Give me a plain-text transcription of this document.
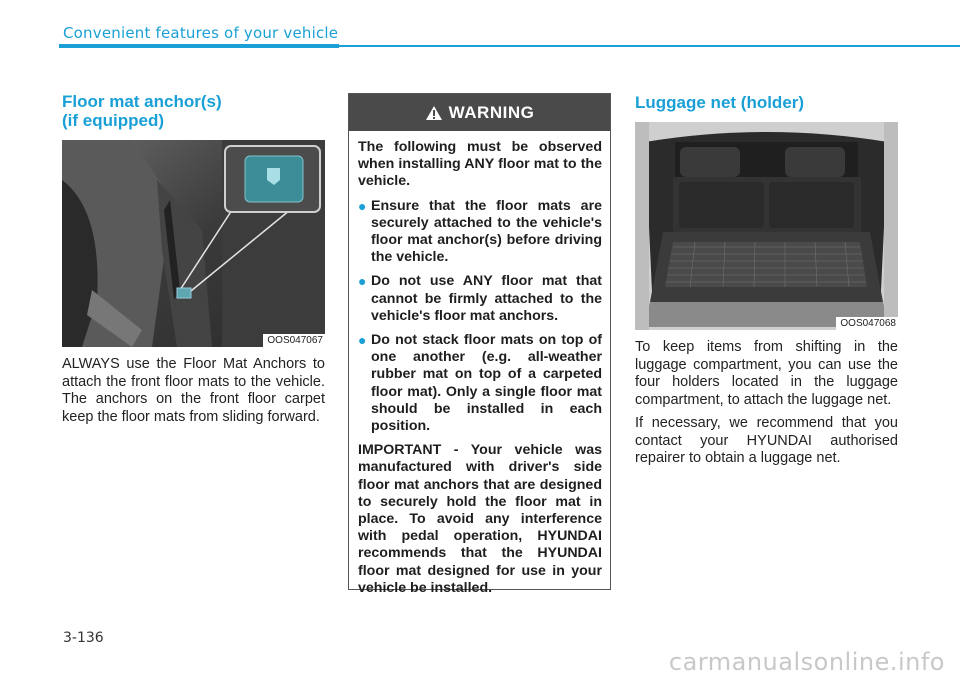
Convenient features of your vehicle
Floor mat anchor(s)
(if equipped)
OOS047067

ALWAYS use the Floor Mat Anchors to attach the front floor mats to the vehicle. The anchors on the front floor carpet keep the floor mats from sliding forward.

WARNING

The following must be observed when installing ANY floor mat to the vehicle.

● Ensure that the floor mats are securely attached to the vehicle's floor mat anchor(s) before driving the vehicle.
● Do not use ANY floor mat that cannot be firmly attached to the vehicle's floor mat anchors.
● Do not stack floor mats on top of one another (e.g. all-weather rubber mat on top of a carpeted floor mat). Only a single floor mat should be installed in each position.

IMPORTANT - Your vehicle was manufactured with driver's side floor mat anchors that are designed to securely hold the floor mat in place. To avoid any interference with pedal operation, HYUNDAI recommends that the HYUNDAI floor mat designed for use in your vehicle be installed.

Luggage net (holder)
OOS047068

To keep items from shifting in the luggage compartment, you can use the four holders located in the luggage compartment, to attach the luggage net.

If necessary, we recommend that you contact your HYUNDAI authorised repairer to obtain a luggage net.

3-136
carmanualsonline.info
